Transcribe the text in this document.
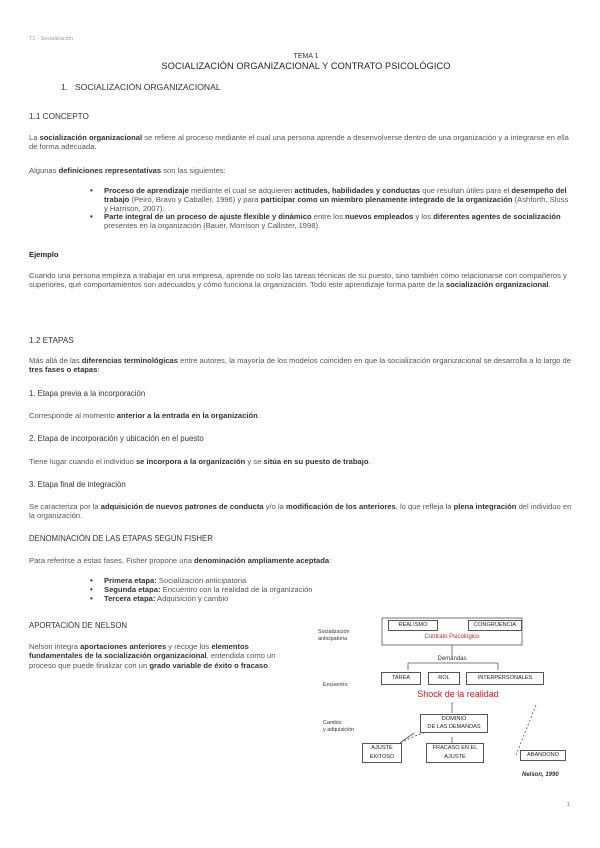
T1 - Socialización
TEMA 1
SOCIALIZACIÓN ORGANIZACIONAL Y CONTRATO PSICOLÓGICO
1. SOCIALIZACIÓN ORGANIZACIONAL
1.1 CONCEPTO
La socialización organizacional se refiere al proceso mediante el cual una persona aprende a desenvolverse dentro de una organización y a integrarse en ella de forma adecuada.
Algunas definiciones representativas son las siguientes:
• Proceso de aprendizaje mediante el cual se adquieren actitudes, habilidades y conductas que resultan útiles para el desempeño del trabajo (Peiró, Bravo y Caballer, 1996) y para participar como un miembro plenamente integrado de la organización (Ashforth, Sluss y Harrison, 2007).
• Parte integral de un proceso de ajuste flexible y dinámico entre los nuevos empleados y los diferentes agentes de socialización presentes en la organización (Bauer, Morrison y Callister, 1998).
Ejemplo
Cuando una persona empieza a trabajar en una empresa, aprende no solo las tareas técnicas de su puesto, sino también cómo relacionarse con compañeros y superiores, qué comportamientos son adecuados y cómo funciona la organización. Todo este aprendizaje forma parte de la socialización organizacional.
1.2 ETAPAS
Más allá de las diferencias terminológicas entre autores, la mayoría de los modelos coinciden en que la socialización organizacional se desarrolla a lo largo de tres fases o etapas:
1. Etapa previa a la incorporación
Corresponde al momento anterior a la entrada en la organización.
2. Etapa de incorporación y ubicación en el puesto
Tiene lugar cuando el individuo se incorpora a la organización y se sitúa en su puesto de trabajo.
3. Etapa final de integración
Se caracteriza por la adquisición de nuevos patrones de conducta y/o la modificación de los anteriores, lo que refleja la plena integración del individuo en la organización.
DENOMINACIÓN DE LAS ETAPAS SEGÚN FISHER
Para referirse a estas fases, Fisher propone una denominación ampliamente aceptada:
• Primera etapa: Socialización anticipatoria
• Segunda etapa: Encuentro con la realidad de la organización
• Tercera etapa: Adquisición y cambio
APORTACIÓN DE NELSON
Nelson integra aportaciones anteriores y recoge los elementos fundamentales de la socialización organizacional, entendida como un proceso que puede finalizar con un grado variable de éxito o fracaso.
Socialización
anticipatoria
Encuentro
Cambio
y adquisición
REALISMO	CONGRUENCIA
Contrato Psicológico
Demandas
TAREA	ROL	INTERPERSONALES
Shock de la realidad
DOMINIO
DE LAS DEMANDAS
AJUSTE
EXITOSO
FRACASO EN EL
AJUSTE	ABANDONO
Nelson, 1990
1
